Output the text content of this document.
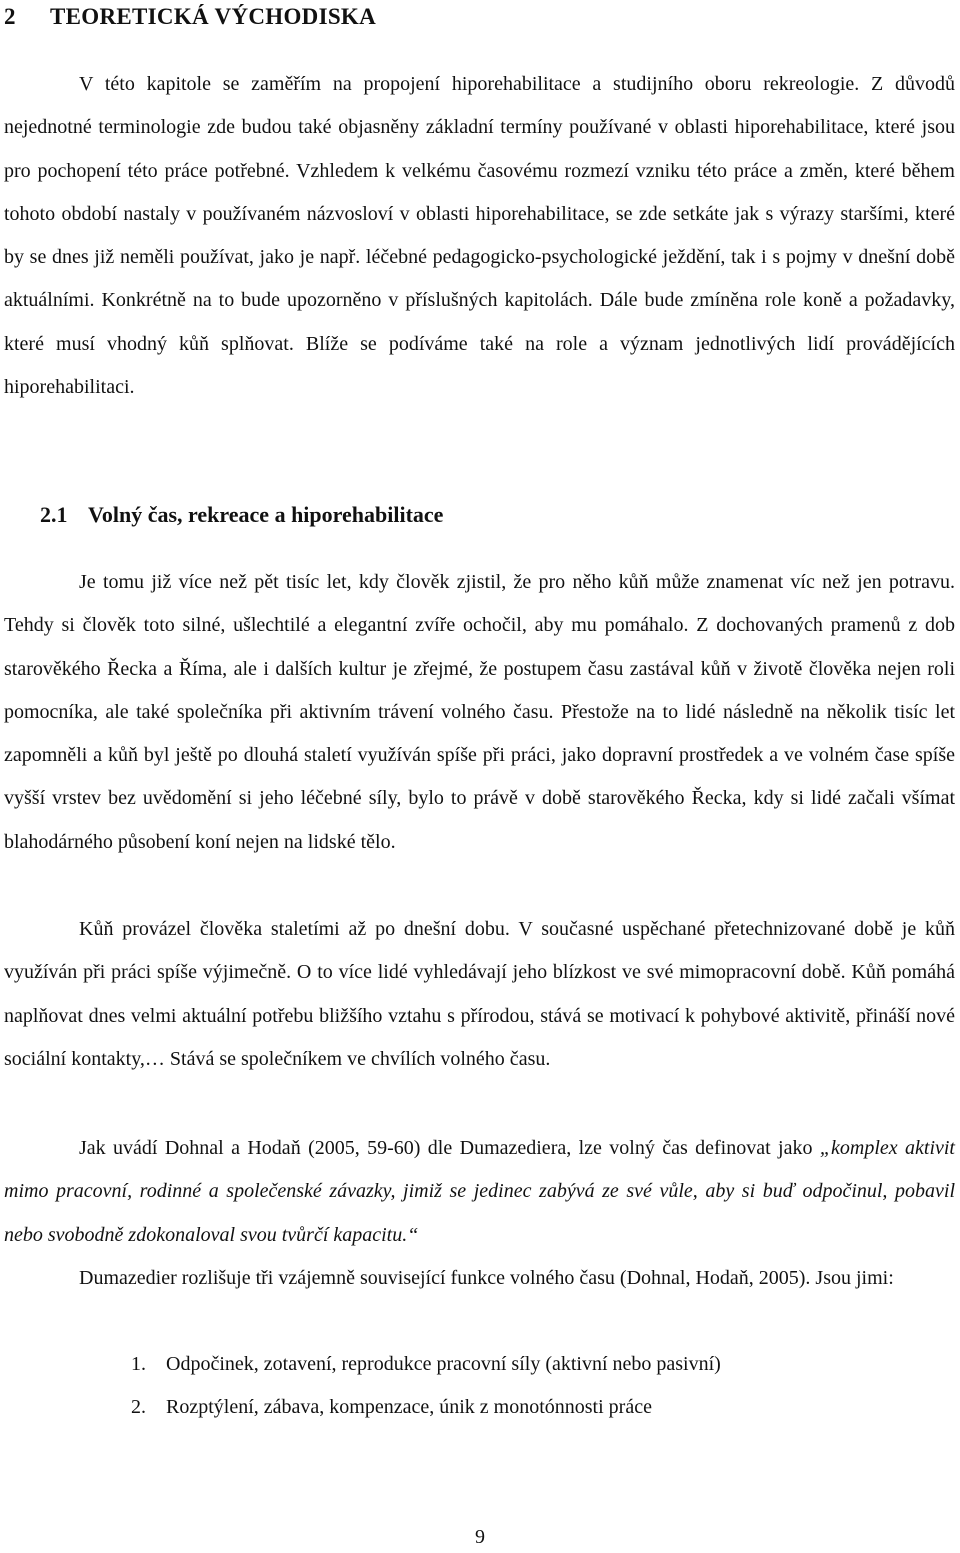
2 TEORETICKÁ VÝCHODISKA

V této kapitole se zaměřím na propojení hiporehabilitace a studijního oboru rekreologie. Z důvodů nejednotné terminologie zde budou také objasněny základní termíny používané v oblasti hiporehabilitace, které jsou pro pochopení této práce potřebné. Vzhledem k velkému časovému rozmezí vzniku této práce a změn, které během tohoto období nastaly v používaném názvosloví v oblasti hiporehabilitace, se zde setkáte jak s výrazy staršími, které by se dnes již neměli používat, jako je např. léčebné pedagogicko-psychologické ježdění, tak i s pojmy v dnešní době aktuálními. Konkrétně na to bude upozorněno v příslušných kapitolách. Dále bude zmíněna role koně a požadavky, které musí vhodný kůň splňovat. Blíže se podíváme také na role a význam jednotlivých lidí provádějících hiporehabilitaci.

2.1 Volný čas, rekreace a hiporehabilitace

Je tomu již více než pět tisíc let, kdy člověk zjistil, že pro něho kůň může znamenat víc než jen potravu. Tehdy si člověk toto silné, ušlechtilé a elegantní zvíře ochočil, aby mu pomáhalo. Z dochovaných pramenů z dob starověkého Řecka a Říma, ale i dalších kultur je zřejmé, že postupem času zastával kůň v životě člověka nejen roli pomocníka, ale také společníka při aktivním trávení volného času. Přestože na to lidé následně na několik tisíc let zapomněli a kůň byl ještě po dlouhá staletí využíván spíše při práci, jako dopravní prostředek a ve volném čase spíše vyšší vrstev bez uvědomění si jeho léčebné síly, bylo to právě v době starověkého Řecka, kdy si lidé začali všímat blahodárného působení koní nejen na lidské tělo.

Kůň provázel člověka staletími až po dnešní dobu. V současné uspěchané přetechnizované době je kůň využíván při práci spíše výjimečně. O to více lidé vyhledávají jeho blízkost ve své mimopracovní době. Kůň pomáhá naplňovat dnes velmi aktuální potřebu bližšího vztahu s přírodou, stává se motivací k pohybové aktivitě, přináší nové sociální kontakty,… Stává se společníkem ve chvílích volného času.

Jak uvádí Dohnal a Hodaň (2005, 59-60) dle Dumazediera, lze volný čas definovat jako „komplex aktivit mimo pracovní, rodinné a společenské závazky, jimiž se jedinec zabývá ze své vůle, aby si buď odpočinul, pobavil nebo svobodně zdokonaloval svou tvůrčí kapacitu.“

Dumazedier rozlišuje tři vzájemně související funkce volného času (Dohnal, Hodaň, 2005). Jsou jimi:

1. Odpočinek, zotavení, reprodukce pracovní síly (aktivní nebo pasivní)
2. Rozptýlení, zábava, kompenzace, únik z monotónnosti práce
9
